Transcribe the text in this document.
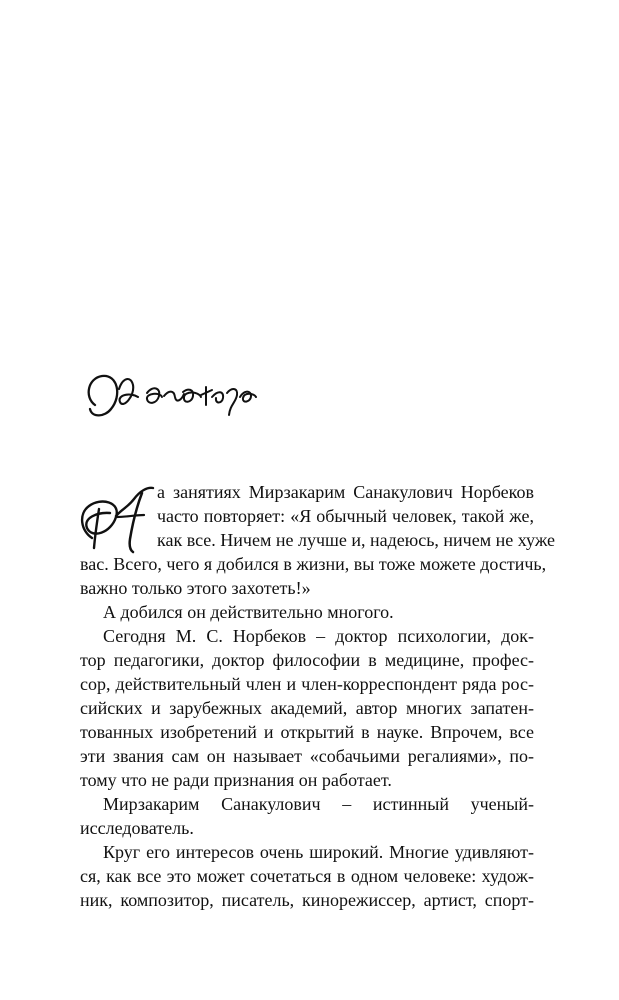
а занятиях Мирзакарим Санакулович Норбеков
часто повторяет: «Я обычный человек, такой же,
как все. Ничем не лучше и, надеюсь, ничем не хуже
вас. Всего, чего я добился в жизни, вы тоже можете достичь,
важно только этого захотеть!»
А добился он действительно многого.
Сегодня М. С. Норбеков – доктор психологии, док-
тор педагогики, доктор философии в медицине, профес-
сор, действительный член и член-корреспондент ряда рос-
сийских и зарубежных академий, автор многих запатен-
тованных изобретений и открытий в науке. Впрочем, все
эти звания сам он называет «собачьими регалиями», по-
тому что не ради признания он работает.
Мирзакарим Санакулович – истинный ученый-
исследователь.
Круг его интересов очень широкий. Многие удивляют-
ся, как все это может сочетаться в одном человеке: худож-
ник, композитор, писатель, кинорежиссер, артист, спорт-
